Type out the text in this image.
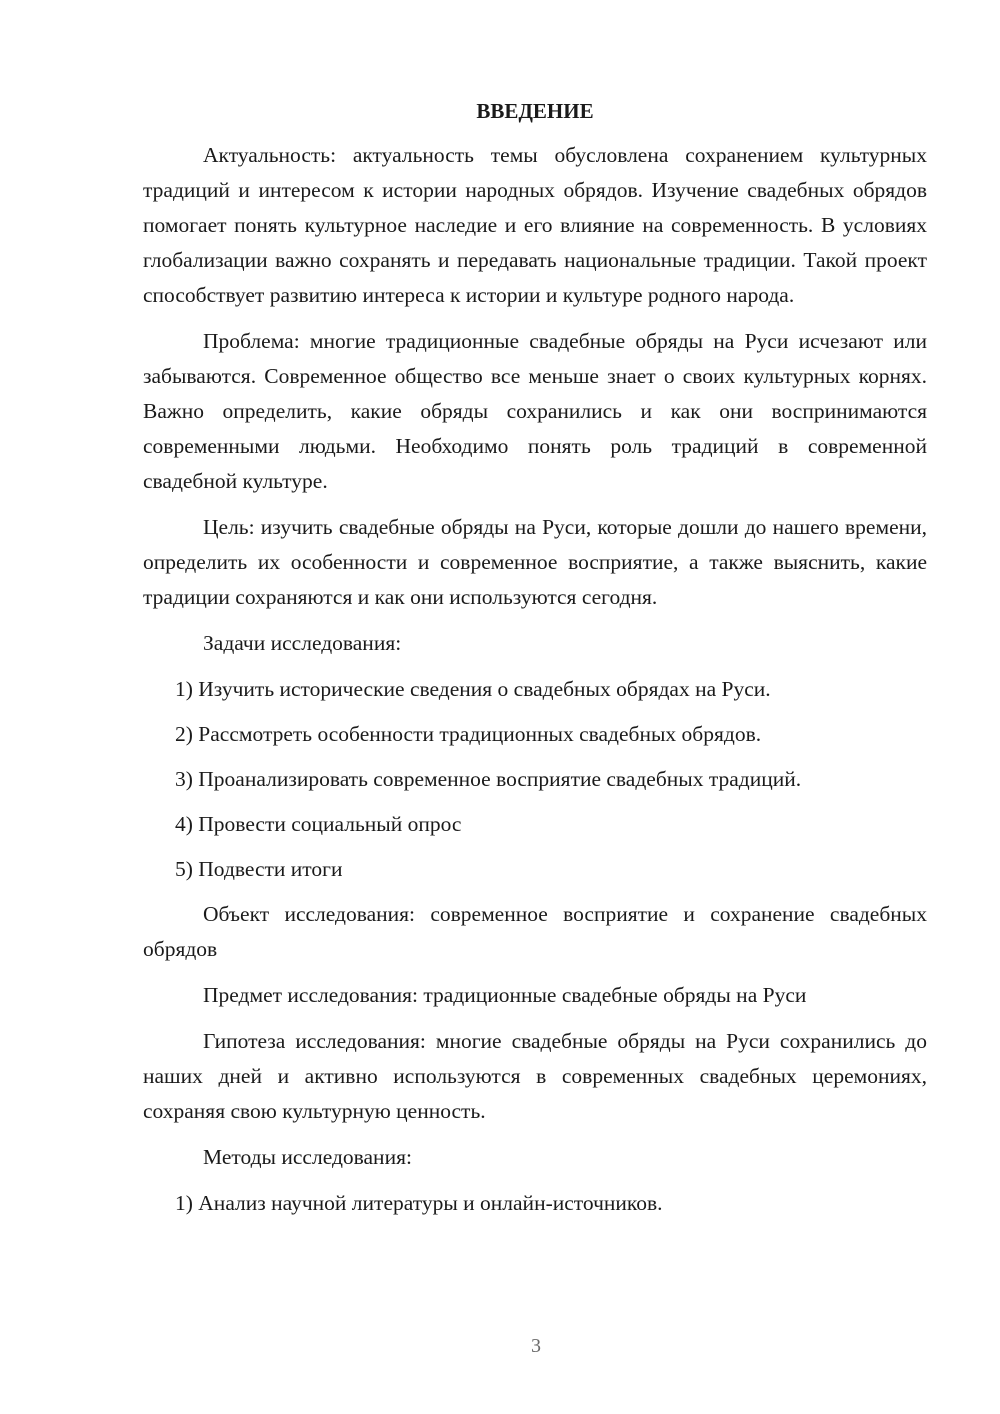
ВВЕДЕНИЕ

Актуальность: актуальность темы обусловлена сохранением культурных традиций и интересом к истории народных обрядов. Изучение свадебных обрядов помогает понять культурное наследие и его влияние на современность. В условиях глобализации важно сохранять и передавать национальные традиции. Такой проект способствует развитию интереса к истории и культуре родного народа.

Проблема: многие традиционные свадебные обряды на Руси исчезают или забываются. Современное общество все меньше знает о своих культурных корнях. Важно определить, какие обряды сохранились и как они воспринимаются современными людьми. Необходимо понять роль традиций в современной свадебной культуре.

Цель: изучить свадебные обряды на Руси, которые дошли до нашего времени, определить их особенности и современное восприятие, а также выяснить, какие традиции сохраняются и как они используются сегодня.

Задачи исследования:

1) Изучить исторические сведения о свадебных обрядах на Руси.
2) Рассмотреть особенности традиционных свадебных обрядов.
3) Проанализировать современное восприятие свадебных традиций.
4) Провести социальный опрос
5) Подвести итоги

Объект исследования: современное восприятие и сохранение свадебных обрядов

Предмет исследования: традиционные свадебные обряды на Руси

Гипотеза исследования: многие свадебные обряды на Руси сохранились до наших дней и активно используются в современных свадебных церемониях, сохраняя свою культурную ценность.

Методы исследования:

1) Анализ научной литературы и онлайн-источников.
3
